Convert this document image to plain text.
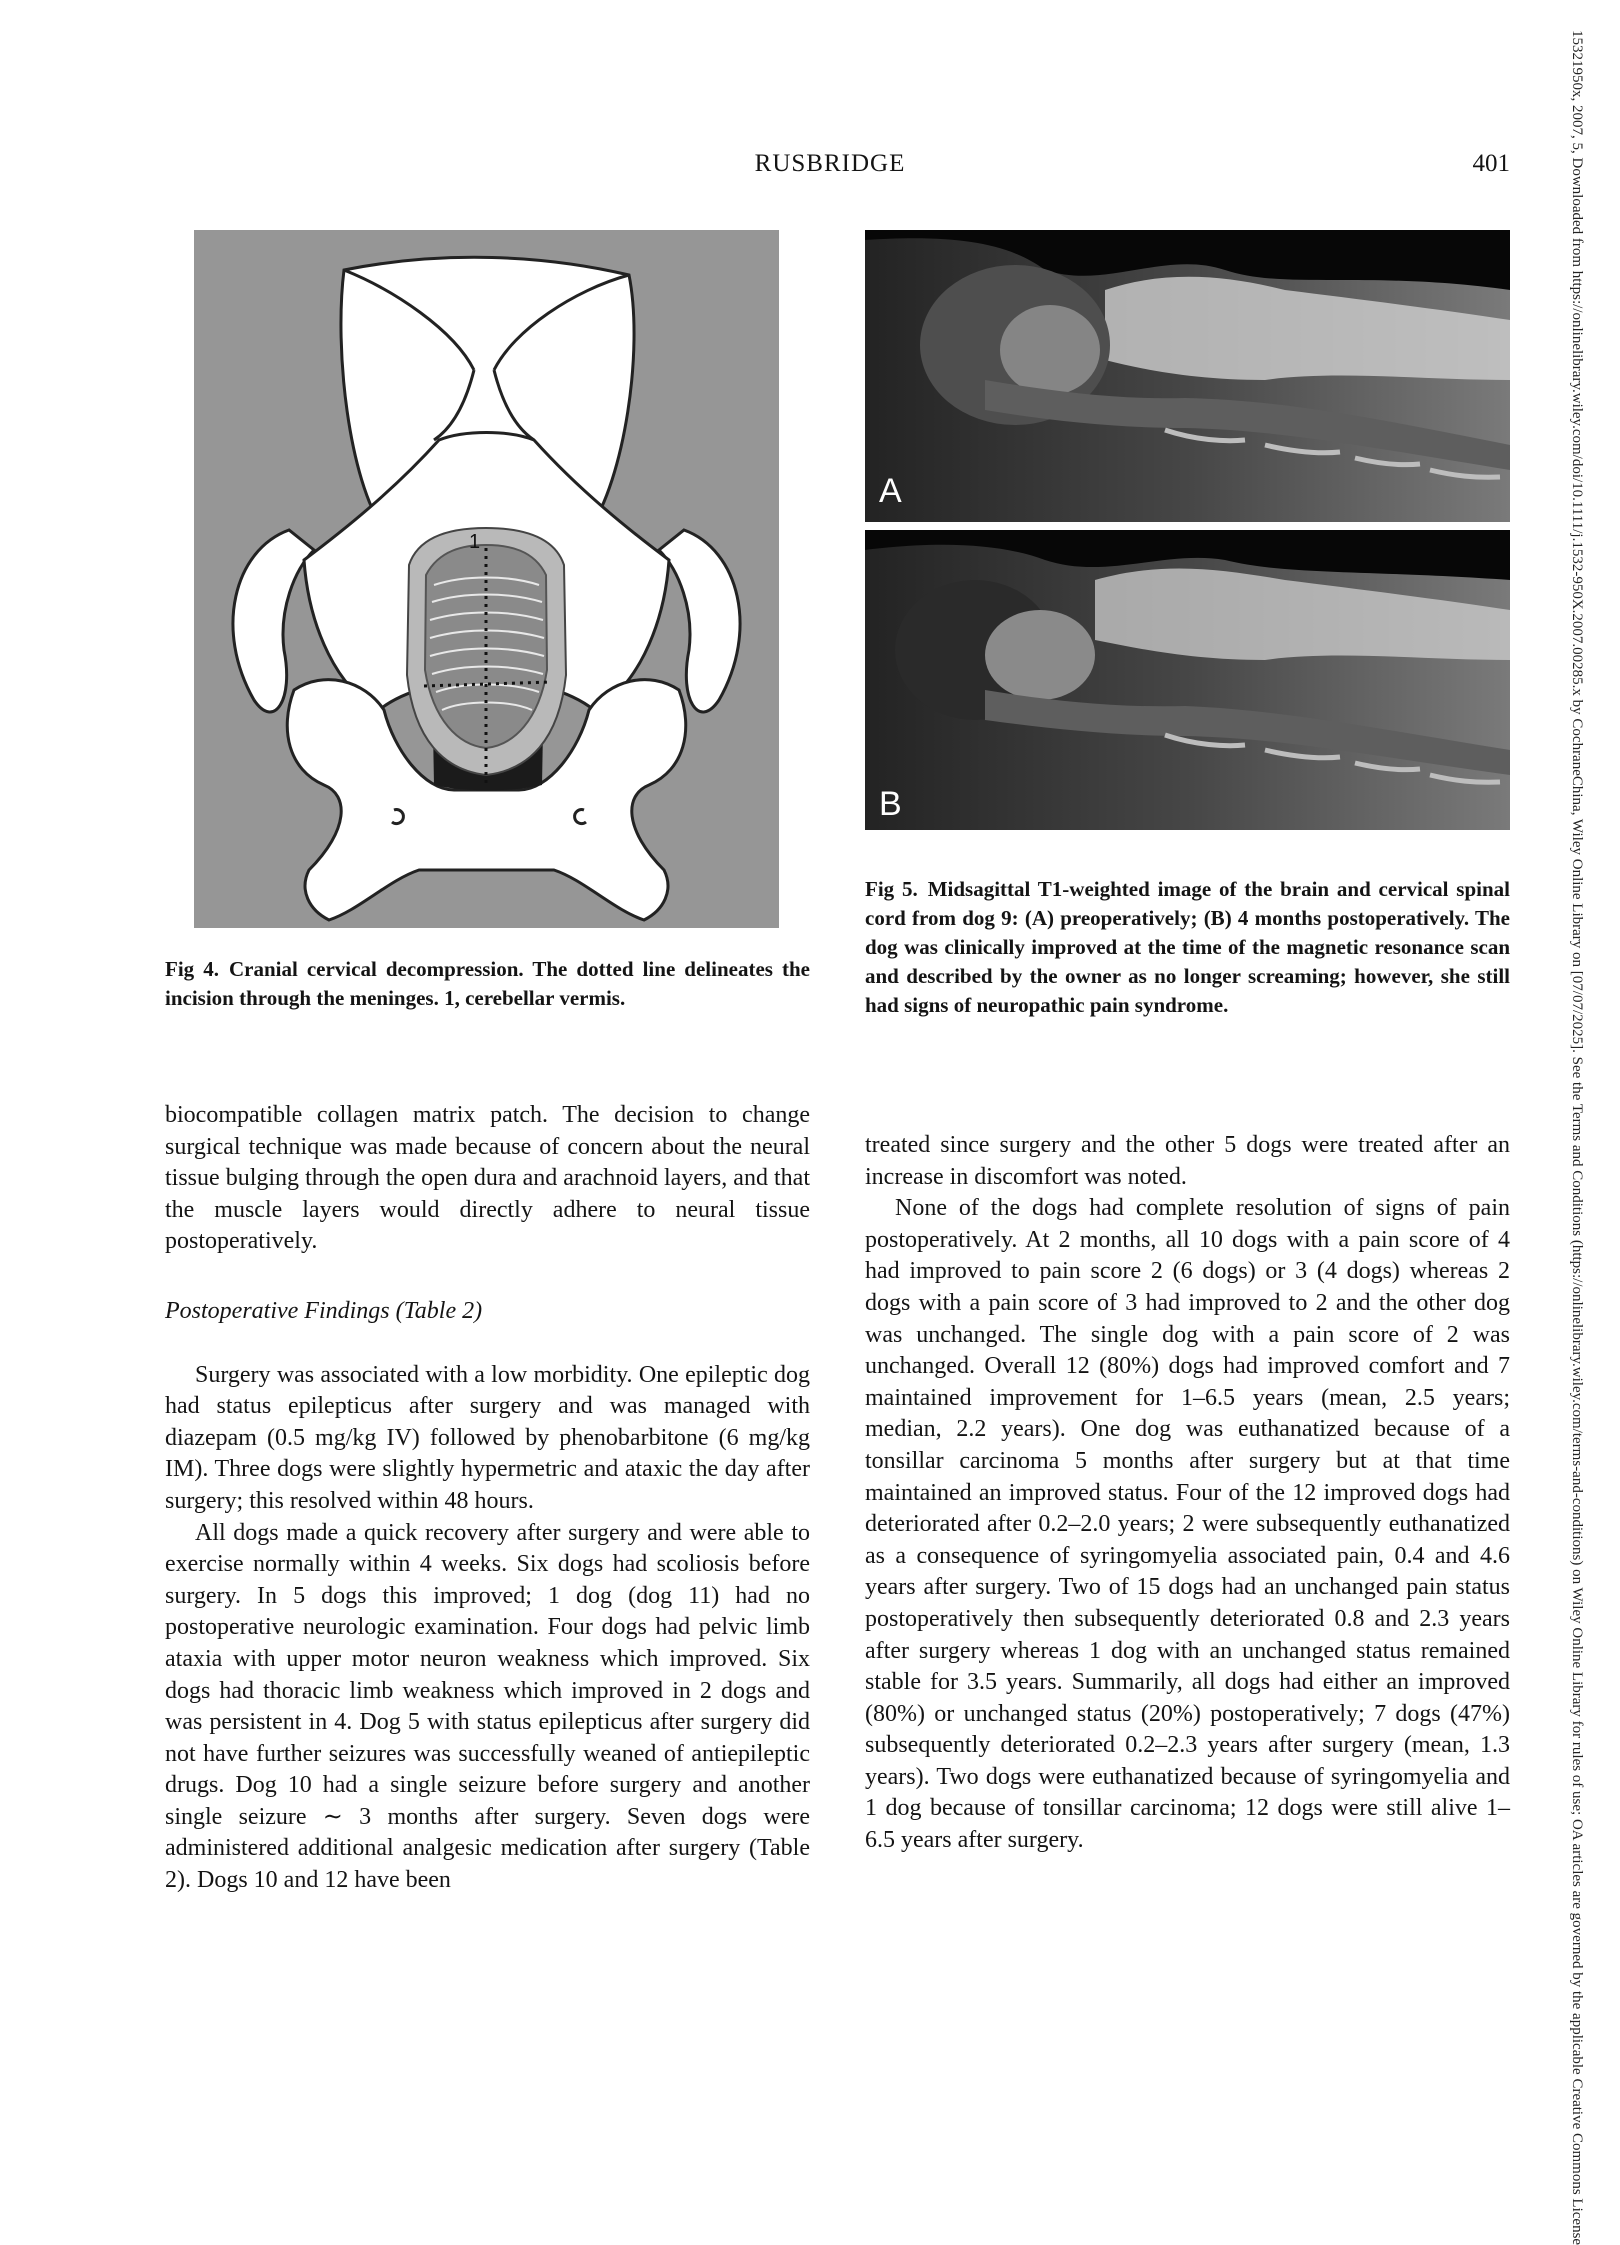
RUSBRIDGE	401
1
A
B
Fig 5. Midsagittal T1-weighted image of the brain and cervical spinal cord from dog 9: (A) preoperatively; (B) 4 months postoperatively. The dog was clinically improved at the time of the magnetic resonance scan and described by the owner as no longer screaming; however, she still had signs of neuropathic pain syndrome.
Fig 4. Cranial cervical decompression. The dotted line delineates the incision through the meninges. 1, cerebellar vermis.

biocompatible collagen matrix patch. The decision to change surgical technique was made because of concern about the neural tissue bulging through the open dura and arachnoid layers, and that the muscle layers would directly adhere to neural tissue postoperatively.

Postoperative Findings (Table 2)

Surgery was associated with a low morbidity. One epileptic dog had status epilepticus after surgery and was managed with diazepam (0.5 mg/kg IV) followed by phenobarbitone (6 mg/kg IM). Three dogs were slightly hypermetric and ataxic the day after surgery; this resolved within 48 hours.

All dogs made a quick recovery after surgery and were able to exercise normally within 4 weeks. Six dogs had scoliosis before surgery. In 5 dogs this improved; 1 dog (dog 11) had no postoperative neurologic examination. Four dogs had pelvic limb ataxia with upper motor neuron weakness which improved. Six dogs had thoracic limb weakness which improved in 2 dogs and was persistent in 4. Dog 5 with status epilepticus after surgery did not have further seizures was successfully weaned of antiepileptic drugs. Dog 10 had a single seizure before surgery and another single seizure ∼ 3 months after surgery. Seven dogs were administered additional analgesic medication after surgery (Table 2). Dogs 10 and 12 have been

treated since surgery and the other 5 dogs were treated after an increase in discomfort was noted.

None of the dogs had complete resolution of signs of pain postoperatively. At 2 months, all 10 dogs with a pain score of 4 had improved to pain score 2 (6 dogs) or 3 (4 dogs) whereas 2 dogs with a pain score of 3 had improved to 2 and the other dog was unchanged. The single dog with a pain score of 2 was unchanged. Overall 12 (80%) dogs had improved comfort and 7 maintained improvement for 1–6.5 years (mean, 2.5 years; median, 2.2 years). One dog was euthanatized because of a tonsillar carcinoma 5 months after surgery but at that time maintained an improved status. Four of the 12 improved dogs had deteriorated after 0.2–2.0 years; 2 were subsequently euthanatized as a consequence of syringomyelia associated pain, 0.4 and 4.6 years after surgery. Two of 15 dogs had an unchanged pain status postoperatively then subsequently deteriorated 0.8 and 2.3 years after surgery whereas 1 dog with an unchanged status remained stable for 3.5 years. Summarily, all dogs had either an improved (80%) or unchanged status (20%) postoperatively; 7 dogs (47%) subsequently deteriorated 0.2–2.3 years after surgery (mean, 1.3 years). Two dogs were euthanatized because of syringomyelia and 1 dog because of tonsillar carcinoma; 12 dogs were still alive 1–6.5 years after surgery.	15321950x, 2007, 5, Downloaded from https://onlinelibrary.wiley.com/doi/10.1111/j.1532-950X.2007.00285.x by CochraneChina, Wiley Online Library on [07/07/2025]. See the Terms and Conditions (https://onlinelibrary.wiley.com/terms-and-conditions) on Wiley Online Library for rules of use; OA articles are governed by the applicable Creative Commons License
